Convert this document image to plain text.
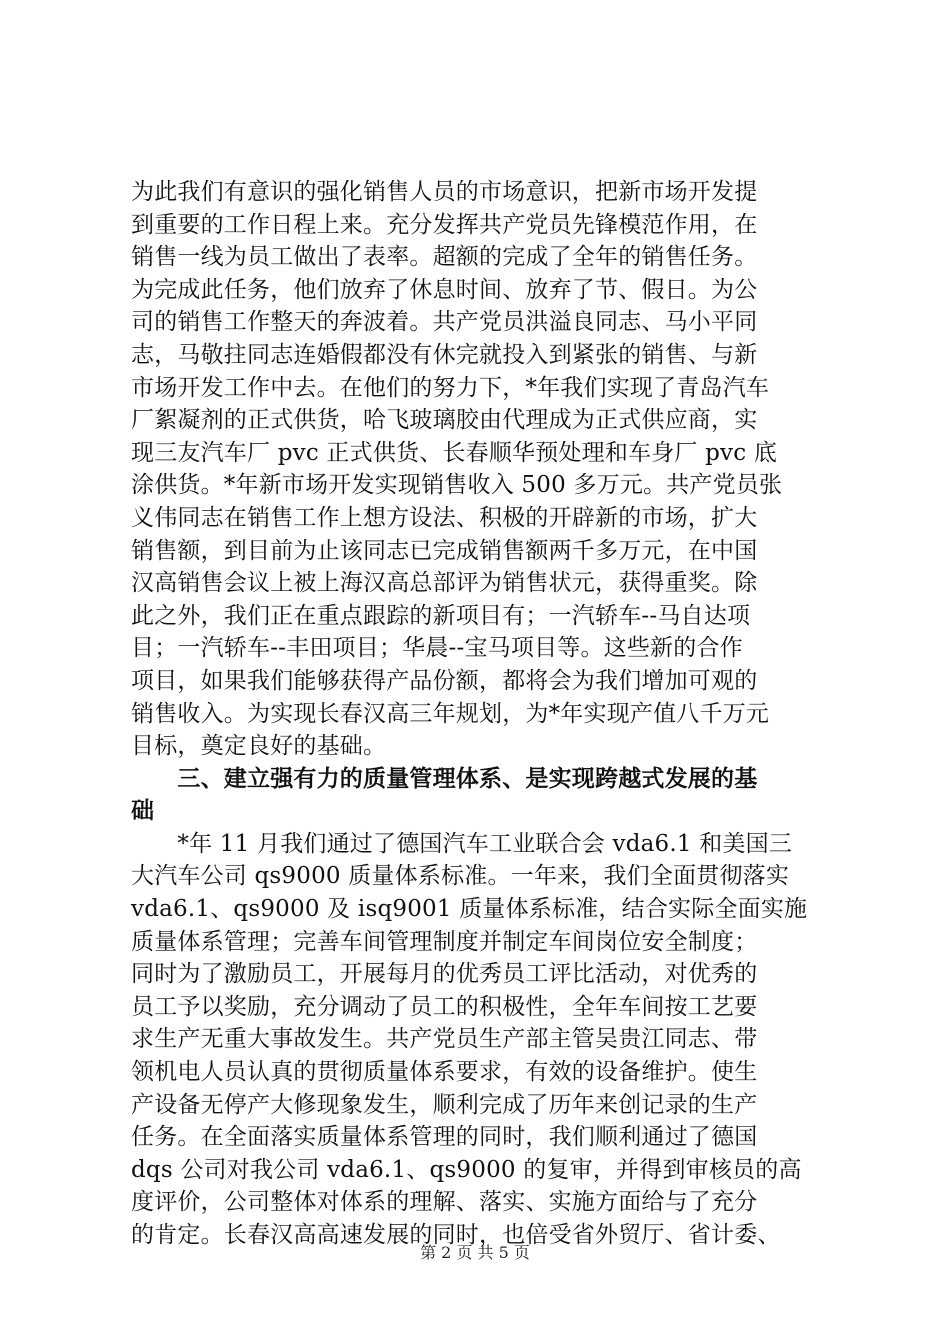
为此我们有意识的强化销售人员的市场意识，把新市场开发提
到重要的工作日程上来。充分发挥共产党员先锋模范作用，在
销售一线为员工做出了表率。超额的完成了全年的销售任务。
为完成此任务，他们放弃了休息时间、放弃了节、假日。为公
司的销售工作整天的奔波着。共产党员洪溢良同志、马小平同
志，马敬拄同志连婚假都没有休完就投入到紧张的销售、与新
市场开发工作中去。在他们的努力下，*年我们实现了青岛汽车
厂絮凝剂的正式供货，哈飞玻璃胶由代理成为正式供应商，实
现三友汽车厂 pvc 正式供货、长春顺华预处理和车身厂 pvc 底
涂供货。*年新市场开发实现销售收入 500 多万元。共产党员张
义伟同志在销售工作上想方设法、积极的开辟新的市场，扩大
销售额，到目前为止该同志已完成销售额两千多万元，在中国
汉高销售会议上被上海汉高总部评为销售状元，获得重奖。除
此之外，我们正在重点跟踪的新项目有；一汽轿车--马自达项
目；一汽轿车--丰田项目；华晨--宝马项目等。这些新的合作
项目，如果我们能够获得产品份额，都将会为我们增加可观的
销售收入。为实现长春汉高三年规划，为*年实现产值八千万元
目标，奠定良好的基础。
　　三、建立强有力的质量管理体系、是实现跨越式发展的基
础
　　*年 11 月我们通过了德国汽车工业联合会 vda6.1 和美国三
大汽车公司 qs9000 质量体系标准。一年来，我们全面贯彻落实
vda6.1、qs9000 及 isq9001 质量体系标准，结合实际全面实施
质量体系管理；完善车间管理制度并制定车间岗位安全制度；
同时为了激励员工，开展每月的优秀员工评比活动，对优秀的
员工予以奖励，充分调动了员工的积极性，全年车间按工艺要
求生产无重大事故发生。共产党员生产部主管吴贵江同志、带
领机电人员认真的贯彻质量体系要求，有效的设备维护。使生
产设备无停产大修现象发生，顺利完成了历年来创记录的生产
任务。在全面落实质量体系管理的同时，我们顺利通过了德国
dqs 公司对我公司 vda6.1、qs9000 的复审，并得到审核员的高
度评价，公司整体对体系的理解、落实、实施方面给与了充分
的肯定。长春汉高高速发展的同时，也倍受省外贸厅、省计委、
第 2 页 共 5 页
